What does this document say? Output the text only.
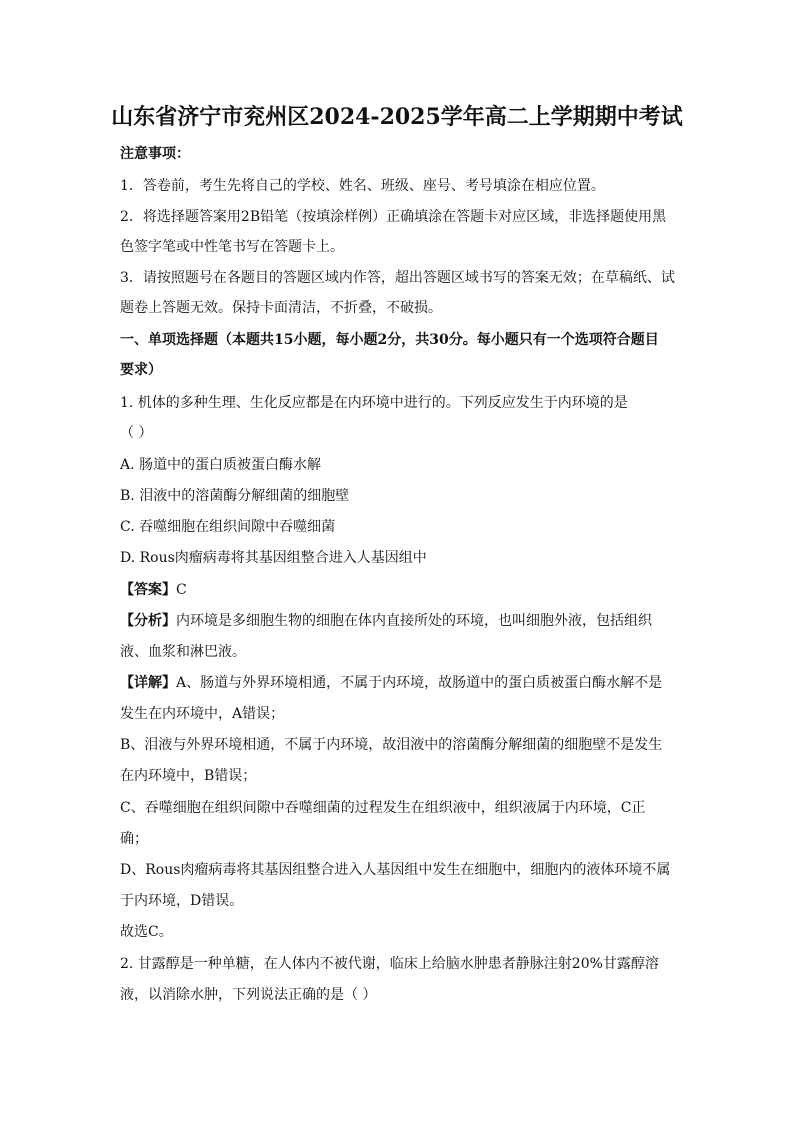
山东省济宁市兖州区2024-2025学年高二上学期期中考试
注意事项：
1．答卷前，考生先将自己的学校、姓名、班级、座号、考号填涂在相应位置。
2．将选择题答案用2B铅笔（按填涂样例）正确填涂在答题卡对应区域，非选择题使用黑
色签字笔或中性笔书写在答题卡上。
3．请按照题号在各题目的答题区域内作答，超出答题区域书写的答案无效；在草稿纸、试
题卷上答题无效。保持卡面清洁，不折叠，不破损。
一、单项选择题（本题共15小题，每小题2分，共30分。每小题只有一个选项符合题目
要求）
1. 机体的多种生理、生化反应都是在内环境中进行的。下列反应发生于内环境的是
（ ）
A. 肠道中的蛋白质被蛋白酶水解
B. 泪液中的溶菌酶分解细菌的细胞壁
C. 吞噬细胞在组织间隙中吞噬细菌
D. Rous肉瘤病毒将其基因组整合进入人基因组中
【答案】C
【分析】内环境是多细胞生物的细胞在体内直接所处的环境，也叫细胞外液，包括组织
液、血浆和淋巴液。
【详解】A、肠道与外界环境相通，不属于内环境，故肠道中的蛋白质被蛋白酶水解不是
发生在内环境中，A错误；
B、泪液与外界环境相通，不属于内环境，故泪液中的溶菌酶分解细菌的细胞壁不是发生
在内环境中，B错误；
C、吞噬细胞在组织间隙中吞噬细菌的过程发生在组织液中，组织液属于内环境，C正
确；
D、Rous肉瘤病毒将其基因组整合进入人基因组中发生在细胞中，细胞内的液体环境不属
于内环境，D错误。
故选C。
2. 甘露醇是一种单糖，在人体内不被代谢，临床上给脑水肿患者静脉注射20%甘露醇溶
液，以消除水肿，下列说法正确的是（ ）
